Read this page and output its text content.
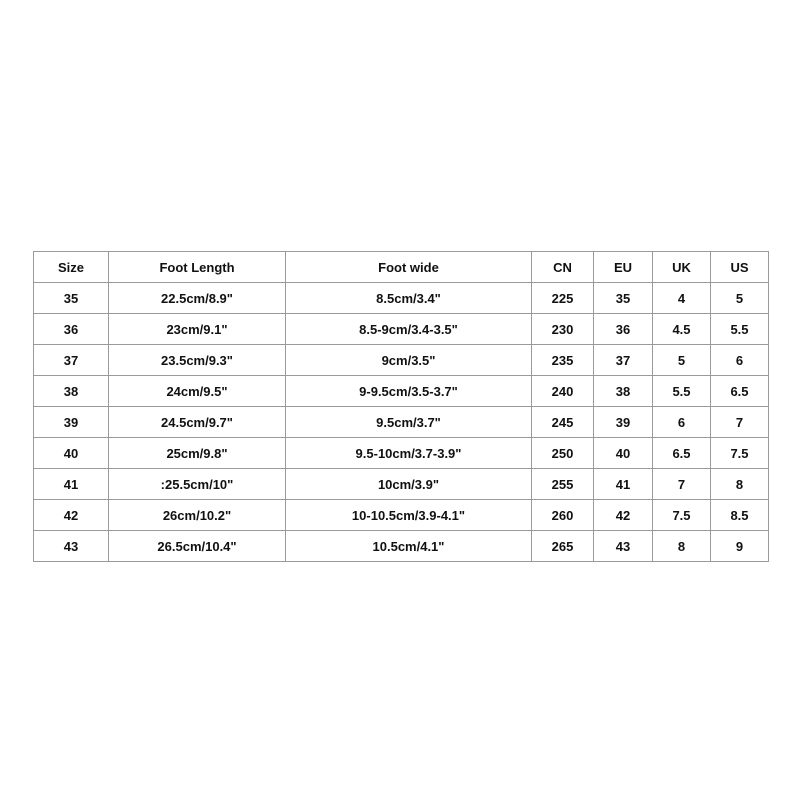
Size	Foot Length	Foot wide	CN	EU	UK	US
35	22.5cm/8.9"	8.5cm/3.4"	225	35	4	5
36	23cm/9.1"	8.5-9cm/3.4-3.5"	230	36	4.5	5.5
37	23.5cm/9.3"	9cm/3.5"	235	37	5	6
38	24cm/9.5"	9-9.5cm/3.5-3.7"	240	38	5.5	6.5
39	24.5cm/9.7"	9.5cm/3.7"	245	39	6	7
40	25cm/9.8"	9.5-10cm/3.7-3.9"	250	40	6.5	7.5
41	:25.5cm/10"	10cm/3.9"	255	41	7	8
42	26cm/10.2"	10-10.5cm/3.9-4.1"	260	42	7.5	8.5
43	26.5cm/10.4"	10.5cm/4.1"	265	43	8	9
